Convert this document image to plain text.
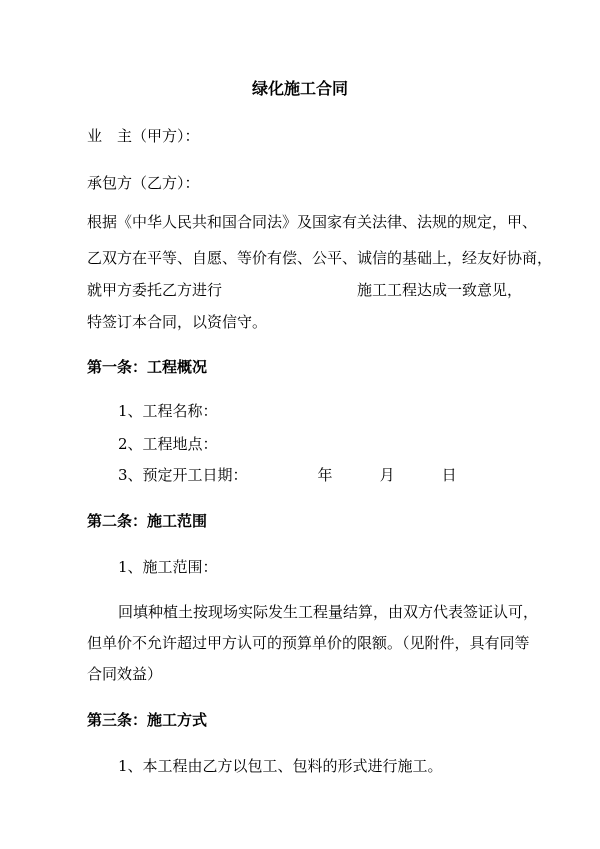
绿化施工合同
业　主（甲方）：
承包方（乙方）：
根据《中华人民共和国合同法》及国家有关法律、法规的规定，甲、
乙双方在平等、自愿、等价有偿、公平、诚信的基础上，经友好协商，
就甲方委托乙方进行	施工工程达成一致意见，
特签订本合同，以资信守。
第一条：工程概况
1、工程名称：
2、工程地点：
3、预定开工日期：	年	月	日
第二条：施工范围
1、施工范围：
回填种植土按现场实际发生工程量结算，由双方代表签证认可，
但单价不允许超过甲方认可的预算单价的限额。（见附件，具有同等
合同效益）
第三条：施工方式
1、本工程由乙方以包工、包料的形式进行施工。
